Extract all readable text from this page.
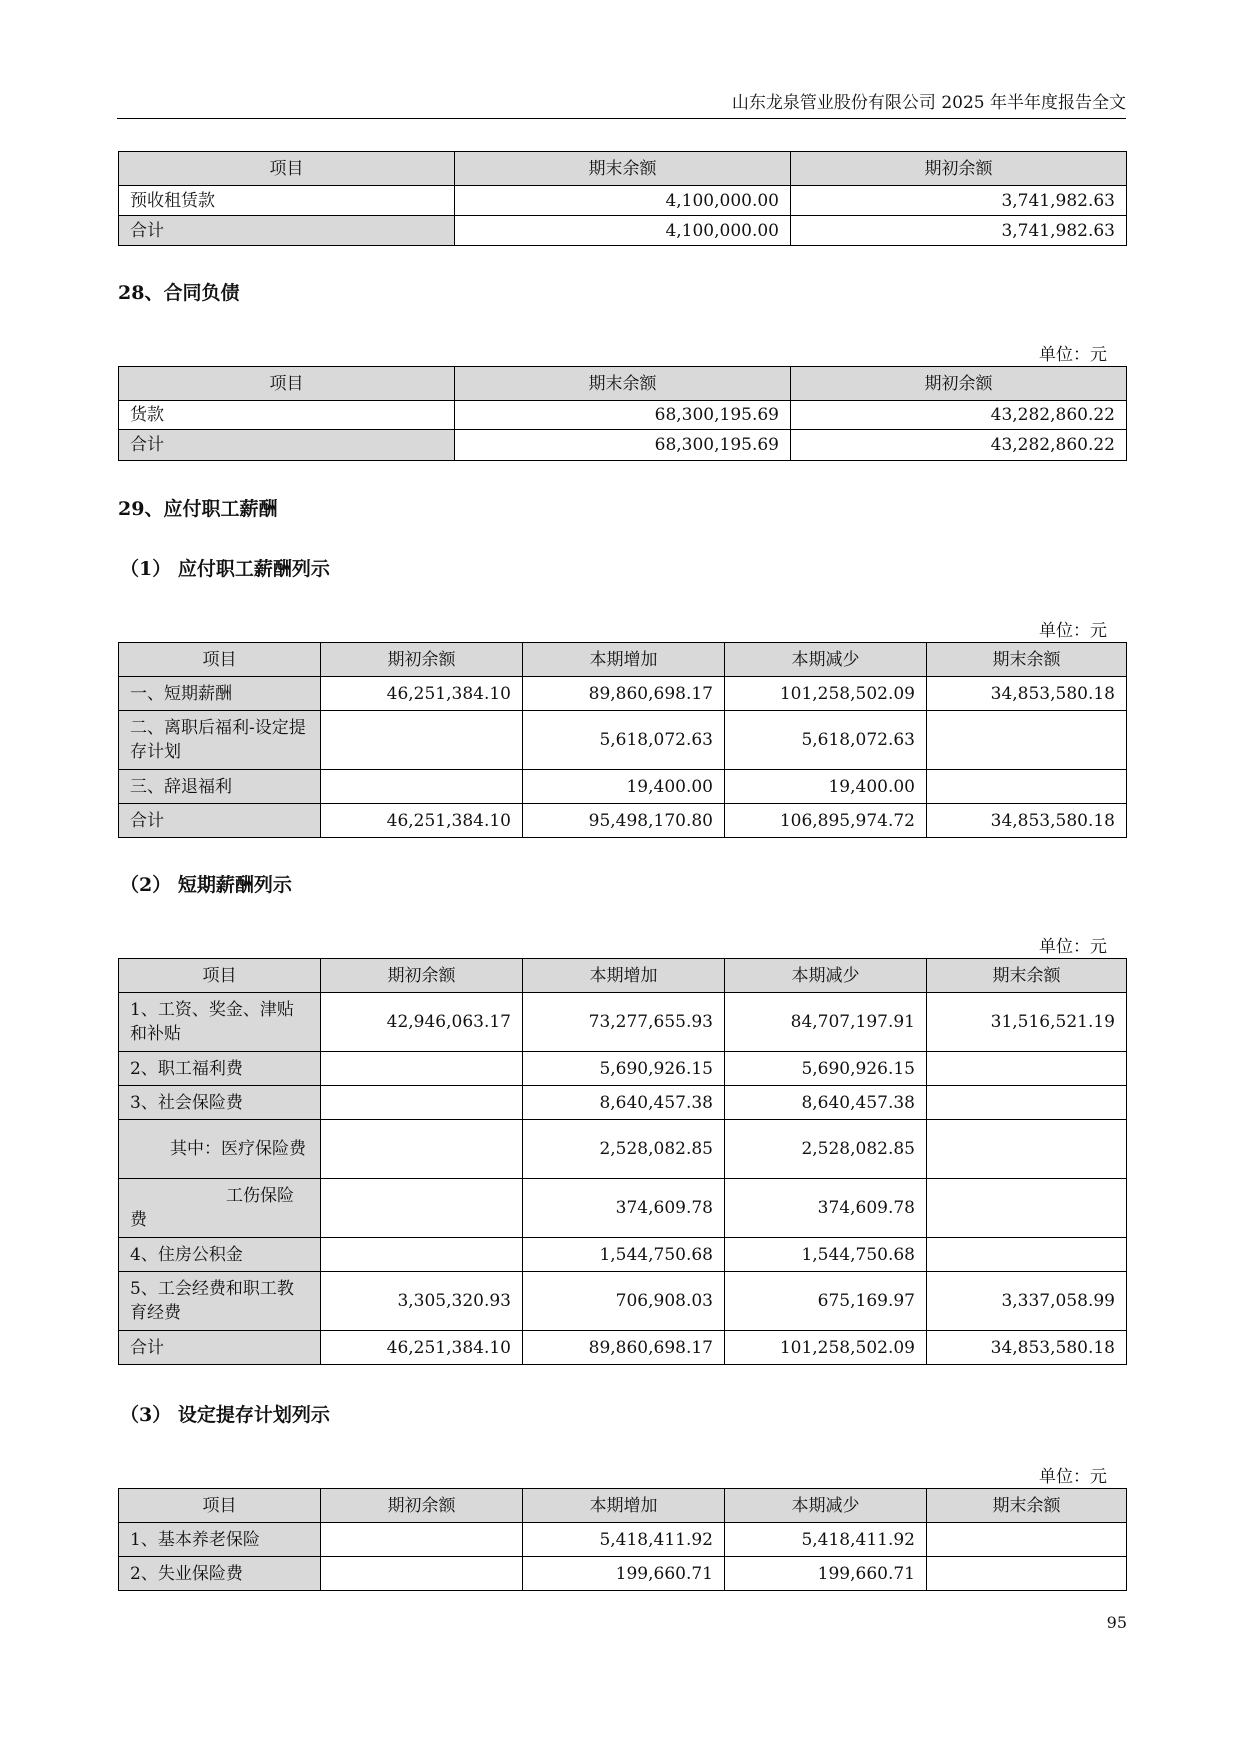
山东龙泉管业股份有限公司 2025 年半年度报告全文
项目	期末余额	期初余额
预收租赁款	4,100,000.00	3,741,982.63
合计	4,100,000.00	3,741,982.63
28、合同负债
单位：元
项目	期末余额	期初余额
货款	68,300,195.69	43,282,860.22
合计	68,300,195.69	43,282,860.22
29、应付职工薪酬
（1） 应付职工薪酬列示
单位：元
项目	期初余额	本期增加	本期减少	期末余额
一、短期薪酬	46,251,384.10	89,860,698.17	101,258,502.09	34,853,580.18
二、离职后福利-设定提存计划		5,618,072.63	5,618,072.63	
三、辞退福利		19,400.00	19,400.00	
合计	46,251,384.10	95,498,170.80	106,895,974.72	34,853,580.18
（2） 短期薪酬列示
单位：元
项目	期初余额	本期增加	本期减少	期末余额
1、工资、奖金、津贴和补贴	42,946,063.17	73,277,655.93	84,707,197.91	31,516,521.19
2、职工福利费		5,690,926.15	5,690,926.15	
3、社会保险费		8,640,457.38	8,640,457.38	
其中：医疗保险费		2,528,082.85	2,528,082.85	
工伤保险费		374,609.78	374,609.78	
4、住房公积金		1,544,750.68	1,544,750.68	
5、工会经费和职工教育经费	3,305,320.93	706,908.03	675,169.97	3,337,058.99
合计	46,251,384.10	89,860,698.17	101,258,502.09	34,853,580.18
（3） 设定提存计划列示
单位：元
项目	期初余额	本期增加	本期减少	期末余额
1、基本养老保险		5,418,411.92	5,418,411.92	
2、失业保险费		199,660.71	199,660.71	
95
